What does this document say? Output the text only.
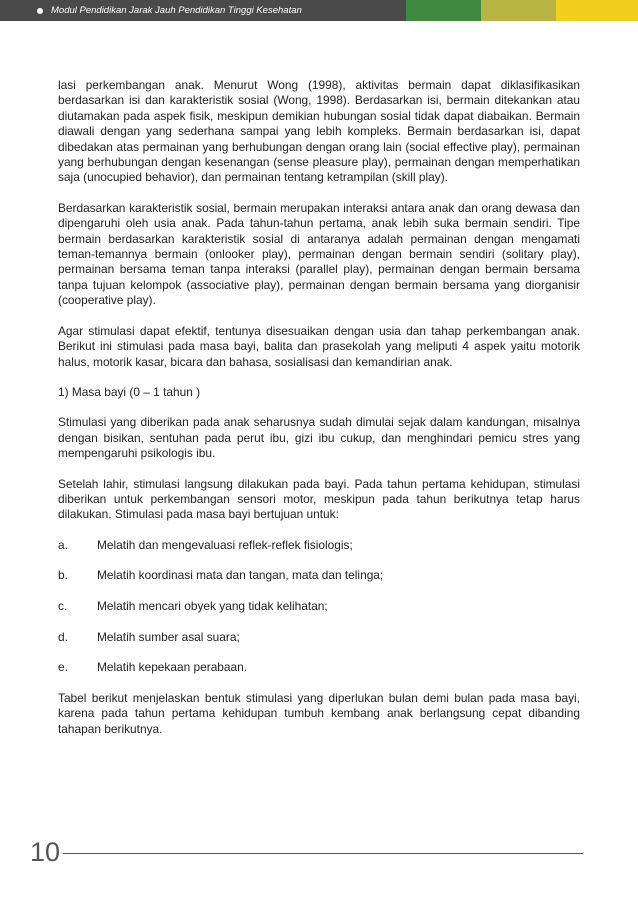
Modul Pendidikan Jarak Jauh Pendidikan Tinggi Kesehatan

lasi perkembangan anak. Menurut Wong (1998), aktivitas bermain dapat diklasifikasikan berdasarkan isi dan karakteristik sosial (Wong, 1998). Berdasarkan isi, bermain ditekankan atau diutamakan pada aspek fisik, meskipun demikian hubungan sosial tidak dapat diabaikan. Bermain diawali dengan yang sederhana sampai yang lebih kompleks. Bermain berdasarkan isi, dapat dibedakan atas permainan yang berhubungan dengan orang lain (social effective play), permainan yang berhubungan dengan kesenangan (sense pleasure play), permainan dengan memperhatikan saja (unocupied behavior), dan permainan tentang ketrampilan (skill play).

Berdasarkan karakteristik sosial, bermain merupakan interaksi antara anak dan orang dewasa dan dipengaruhi oleh usia anak. Pada tahun-tahun pertama, anak lebih suka bermain sendiri. Tipe bermain berdasarkan karakteristik sosial di antaranya adalah permainan dengan mengamati teman-temannya bermain (onlooker play), permainan dengan bermain sendiri (solitary play), permainan bersama teman tanpa interaksi (parallel play), permainan dengan bermain bersama tanpa tujuan kelompok (associative play), permainan dengan bermain bersama yang diorganisir (cooperative play).

Agar stimulasi dapat efektif, tentunya disesuaikan dengan usia dan tahap perkembangan anak. Berikut ini stimulasi pada masa bayi, balita dan prasekolah yang meliputi 4 aspek yaitu motorik halus, motorik kasar, bicara dan bahasa, sosialisasi dan kemandirian anak.

1) Masa bayi (0 – 1 tahun )

Stimulasi yang diberikan pada anak seharusnya sudah dimulai sejak dalam kandungan, misalnya dengan bisikan, sentuhan pada perut ibu, gizi ibu cukup, dan menghindari pemicu stres yang mempengaruhi psikologis ibu.

Setelah lahir, stimulasi langsung dilakukan pada bayi. Pada tahun pertama kehidupan, stimulasi diberikan untuk perkembangan sensori motor, meskipun pada tahun berikutnya tetap harus dilakukan. Stimulasi pada masa bayi bertujuan untuk:

a.	Melatih dan mengevaluasi reflek-reflek fisiologis;
b.	Melatih koordinasi mata dan tangan, mata dan telinga;
c.	Melatih mencari obyek yang tidak kelihatan;
d.	Melatih sumber asal suara;
e.	Melatih kepekaan perabaan.

Tabel berikut menjelaskan bentuk stimulasi yang diperlukan bulan demi bulan pada masa bayi, karena pada tahun pertama kehidupan tumbuh kembang anak berlangsung cepat dibanding tahapan berikutnya.

10
